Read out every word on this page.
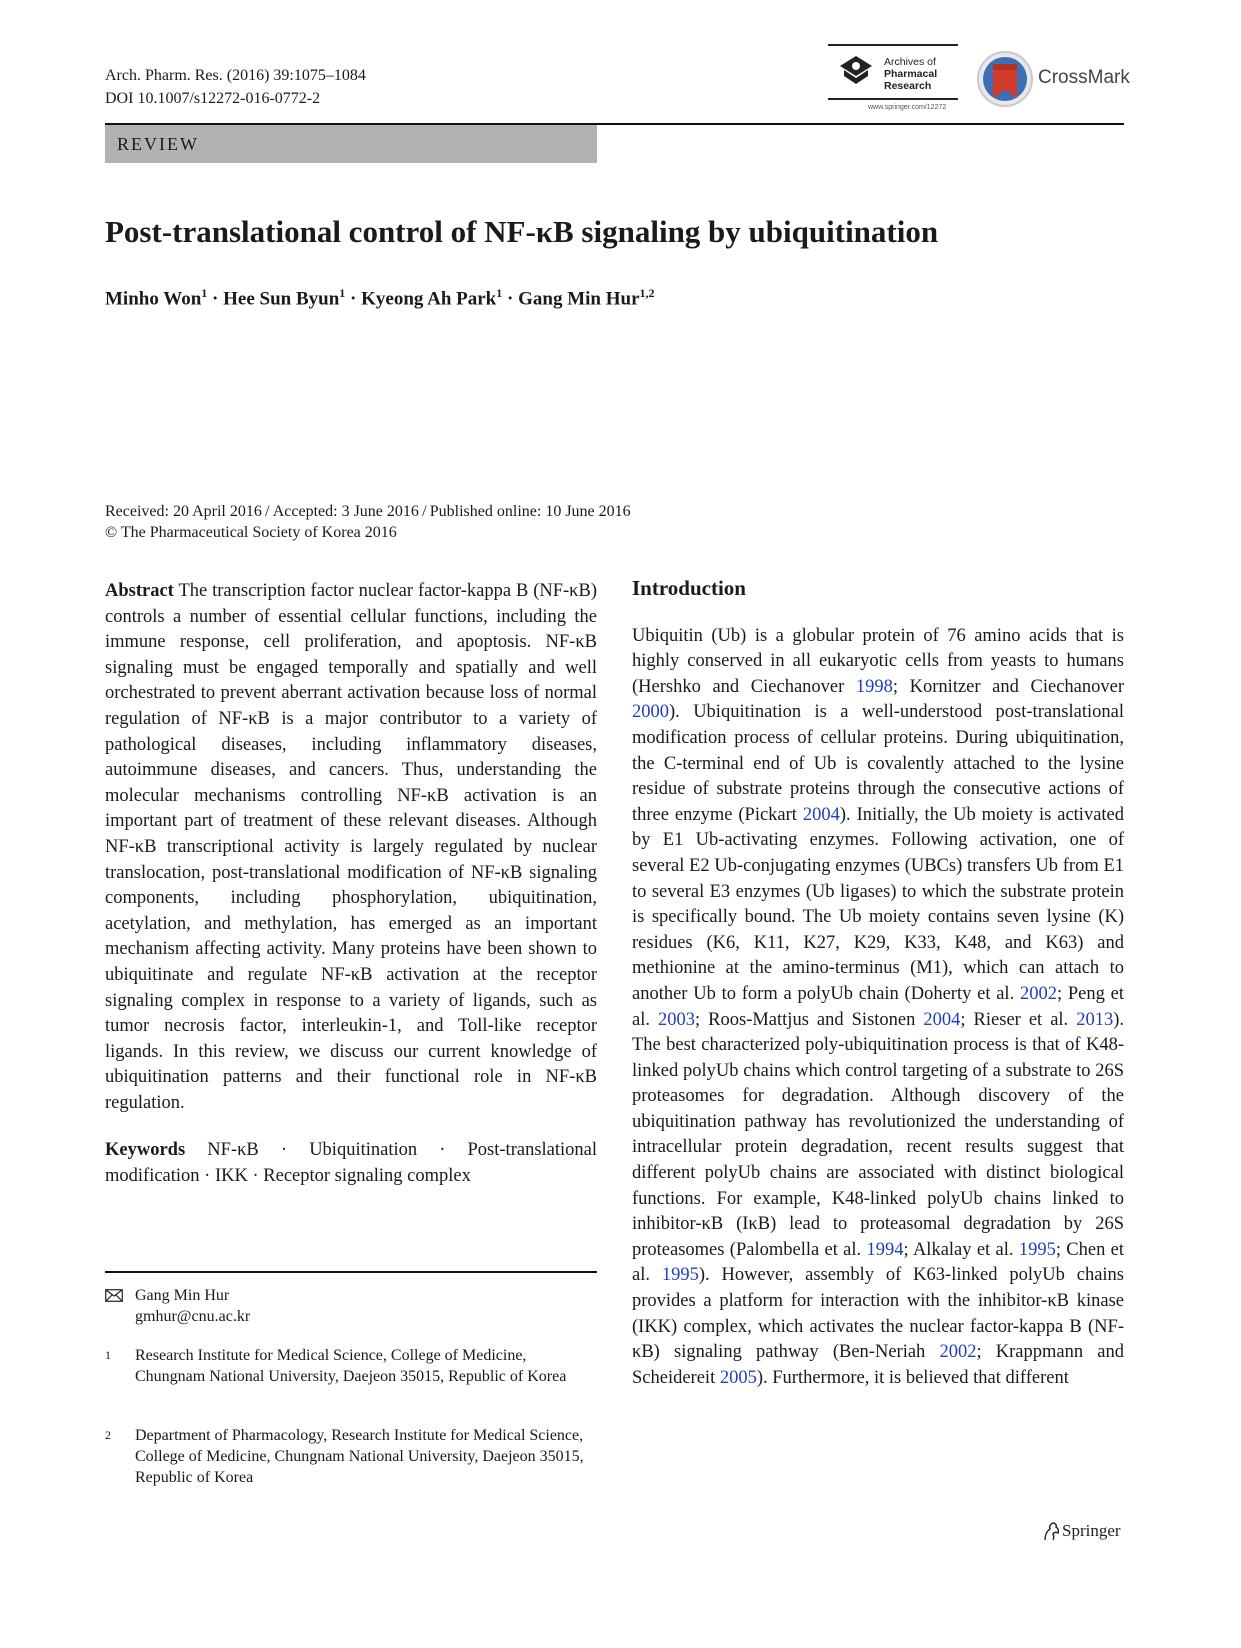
Arch. Pharm. Res. (2016) 39:1075–1084
DOI 10.1007/s12272-016-0772-2
Archives of
Pharmacal
Research
www.springer.com/12272
CrossMark
REVIEW
Post-translational control of NF-κB signaling by ubiquitination
Minho Won$^1$ · Hee Sun Byun$^1$ · Kyeong Ah Park$^1$ · Gang Min Hur$^{1,2}$
Received: 20 April 2016 / Accepted: 3 June 2016 / Published online: 10 June 2016
© The Pharmaceutical Society of Korea 2016
Abstract The transcription factor nuclear factor-kappa B (NF-κB) controls a number of essential cellular functions, including the immune response, cell proliferation, and apoptosis. NF-κB signaling must be engaged temporally and spatially and well orchestrated to prevent aberrant activation because loss of normal regulation of NF-κB is a major contributor to a variety of pathological diseases, including inflammatory diseases, autoimmune diseases, and cancers. Thus, understanding the molecular mechanisms controlling NF-κB activation is an important part of treatment of these relevant diseases. Although NF-κB transcriptional activity is largely regulated by nuclear translocation, post-translational modification of NF-κB signaling components, including phosphorylation, ubiquitination, acetylation, and methylation, has emerged as an important mechanism affecting activity. Many proteins have been shown to ubiquitinate and regulate NF-κB activation at the receptor signaling complex in response to a variety of ligands, such as tumor necrosis factor, interleukin-1, and Toll-like receptor ligands. In this review, we discuss our current knowledge of ubiquitination patterns and their functional role in NF-κB regulation.
Keywords NF-κB · Ubiquitination · Post-translational modification · IKK · Receptor signaling complex
Gang Min Hur
gmhur@cnu.ac.kr
1 Research Institute for Medical Science, College of Medicine, Chungnam National University, Daejeon 35015, Republic of Korea
2 Department of Pharmacology, Research Institute for Medical Science, College of Medicine, Chungnam National University, Daejeon 35015, Republic of Korea
Introduction
Ubiquitin (Ub) is a globular protein of 76 amino acids that is highly conserved in all eukaryotic cells from yeasts to humans (Hershko and Ciechanover 1998; Kornitzer and Ciechanover 2000). Ubiquitination is a well-understood post-translational modification process of cellular proteins. During ubiquitination, the C-terminal end of Ub is covalently attached to the lysine residue of substrate proteins through the consecutive actions of three enzyme (Pickart 2004). Initially, the Ub moiety is activated by E1 Ub-activating enzymes. Following activation, one of several E2 Ub-conjugating enzymes (UBCs) transfers Ub from E1 to several E3 enzymes (Ub ligases) to which the substrate protein is specifically bound. The Ub moiety contains seven lysine (K) residues (K6, K11, K27, K29, K33, K48, and K63) and methionine at the amino-terminus (M1), which can attach to another Ub to form a polyUb chain (Doherty et al. 2002; Peng et al. 2003; Roos-Mattjus and Sistonen 2004; Rieser et al. 2013). The best characterized poly-ubiquitination process is that of K48-linked polyUb chains which control targeting of a substrate to 26S proteasomes for degradation. Although discovery of the ubiquitination pathway has revolutionized the understanding of intracellular protein degradation, recent results suggest that different polyUb chains are associated with distinct biological functions. For example, K48-linked polyUb chains linked to inhibitor-κB (IκB) lead to proteasomal degradation by 26S proteasomes (Palombella et al. 1994; Alkalay et al. 1995; Chen et al. 1995). However, assembly of K63-linked polyUb chains provides a platform for interaction with the inhibitor-κB kinase (IKK) complex, which activates the nuclear factor-kappa B (NF-κB) signaling pathway (Ben-Neriah 2002; Krappmann and Scheidereit 2005). Furthermore, it is believed that different
Springer
